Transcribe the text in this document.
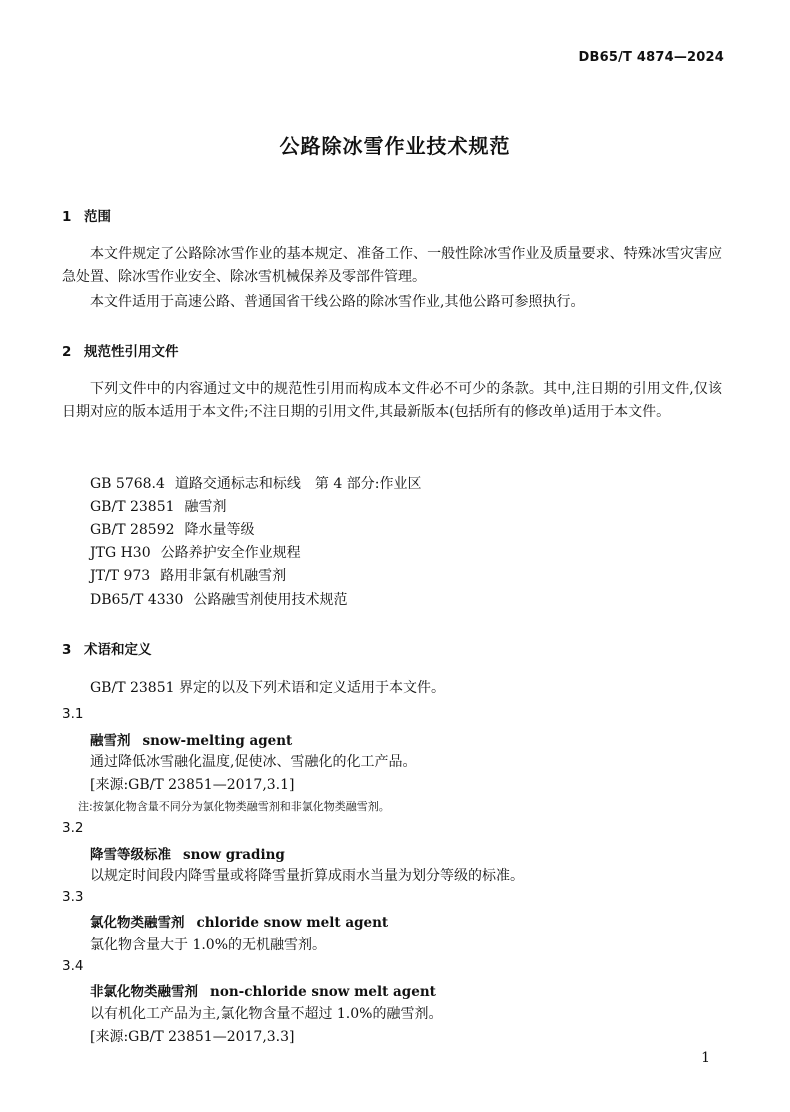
DB65/T 4874—2024
公路除冰雪作业技术规范
1 范围
本文件规定了公路除冰雪作业的基本规定、准备工作、一般性除冰雪作业及质量要求、特殊冰雪灾害应急处置、除冰雪作业安全、除冰雪机械保养及零部件管理。
本文件适用于高速公路、普通国省干线公路的除冰雪作业,其他公路可参照执行。
2 规范性引用文件
下列文件中的内容通过文中的规范性引用而构成本文件必不可少的条款。其中,注日期的引用文件,仅该日期对应的版本适用于本文件;不注日期的引用文件,其最新版本(包括所有的修改单)适用于本文件。
GB 5768.4 道路交通标志和标线　第 4 部分:作业区
GB/T 23851 融雪剂
GB/T 28592 降水量等级
JTG H30 公路养护安全作业规程
JT/T 973 路用非氯有机融雪剂
DB65/T 4330 公路融雪剂使用技术规范
3 术语和定义
GB/T 23851 界定的以及下列术语和定义适用于本文件。
3.1
融雪剂 snow-melting agent
通过降低冰雪融化温度,促使冰、雪融化的化工产品。
[来源:GB/T 23851—2017,3.1]
注:按氯化物含量不同分为氯化物类融雪剂和非氯化物类融雪剂。
3.2
降雪等级标准 snow grading
以规定时间段内降雪量或将降雪量折算成雨水当量为划分等级的标准。
3.3
氯化物类融雪剂 chloride snow melt agent
氯化物含量大于 1.0%的无机融雪剂。
3.4
非氯化物类融雪剂 non-chloride snow melt agent
以有机化工产品为主,氯化物含量不超过 1.0%的融雪剂。
[来源:GB/T 23851—2017,3.3]
1
